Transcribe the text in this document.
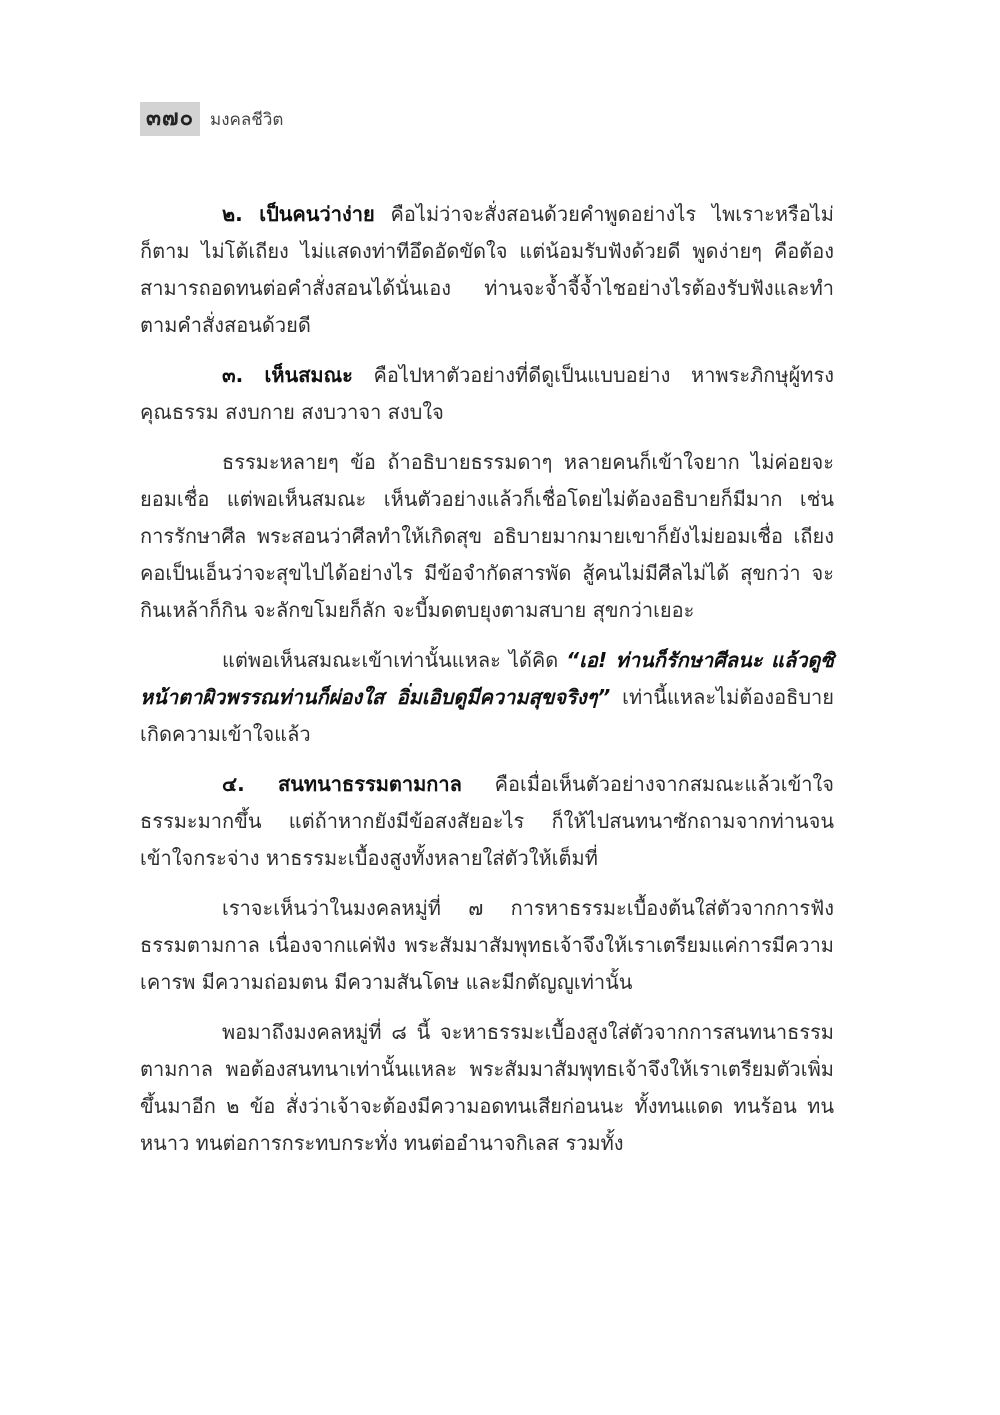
๓๗๐ มงคลชีวิต

๒. เป็นคนว่าง่าย คือไม่ว่าจะสั่งสอนด้วยคำพูดอย่างไร ไพเราะหรือไม่ก็ตาม ไม่โต้เถียง ไม่แสดงท่าทีอึดอัดขัดใจ แต่น้อมรับฟังด้วยดี พูดง่ายๆ คือต้องสามารถอดทนต่อคำสั่งสอนได้นั่นเอง ท่านจะจ้ำจี้จ้ำไชอย่างไรต้องรับฟังและทำตามคำสั่งสอนด้วยดี

๓. เห็นสมณะ คือไปหาตัวอย่างที่ดีดูเป็นแบบอย่าง หาพระภิกษุผู้ทรงคุณธรรม สงบกาย สงบวาจา สงบใจ

ธรรมะหลายๆ ข้อ ถ้าอธิบายธรรมดาๆ หลายคนก็เข้าใจยาก ไม่ค่อยจะยอมเชื่อ แต่พอเห็นสมณะ เห็นตัวอย่างแล้วก็เชื่อโดยไม่ต้องอธิบายก็มีมาก เช่น การรักษาศีล พระสอนว่าศีลทำให้เกิดสุข อธิบายมากมายเขาก็ยังไม่ยอมเชื่อ เถียงคอเป็นเอ็นว่าจะสุขไปได้อย่างไร มีข้อจำกัดสารพัด สู้คนไม่มีศีลไม่ได้ สุขกว่า จะกินเหล้าก็กิน จะลักขโมยก็ลัก จะบี้มดตบยุงตามสบาย สุขกว่าเยอะ

แต่พอเห็นสมณะเข้าเท่านั้นแหละ ได้คิด “เอ! ท่านก็รักษาศีลนะ แล้วดูซิ หน้าตาผิวพรรณท่านก็ผ่องใส อิ่มเอิบดูมีความสุขจริงๆ” เท่านี้แหละไม่ต้องอธิบาย เกิดความเข้าใจแล้ว

๔. สนทนาธรรมตามกาล คือเมื่อเห็นตัวอย่างจากสมณะแล้วเข้าใจธรรมะมากขึ้น แต่ถ้าหากยังมีข้อสงสัยอะไร ก็ให้ไปสนทนาซักถามจากท่านจนเข้าใจกระจ่าง หาธรรมะเบื้องสูงทั้งหลายใส่ตัวให้เต็มที่

เราจะเห็นว่าในมงคลหมู่ที่ ๗ การหาธรรมะเบื้องต้นใส่ตัวจากการฟังธรรมตามกาล เนื่องจากแค่ฟัง พระสัมมาสัมพุทธเจ้าจึงให้เราเตรียมแค่การมีความเคารพ มีความถ่อมตน มีความสันโดษ และมีกตัญญูเท่านั้น

พอมาถึงมงคลหมู่ที่ ๘ นี้ จะหาธรรมะเบื้องสูงใส่ตัวจากการสนทนาธรรมตามกาล พอต้องสนทนาเท่านั้นแหละ พระสัมมาสัมพุทธเจ้าจึงให้เราเตรียมตัวเพิ่มขึ้นมาอีก ๒ ข้อ สั่งว่าเจ้าจะต้องมีความอดทนเสียก่อนนะ ทั้งทนแดด ทนร้อน ทนหนาว ทนต่อการกระทบกระทั่ง ทนต่ออำนาจกิเลส รวมทั้ง
